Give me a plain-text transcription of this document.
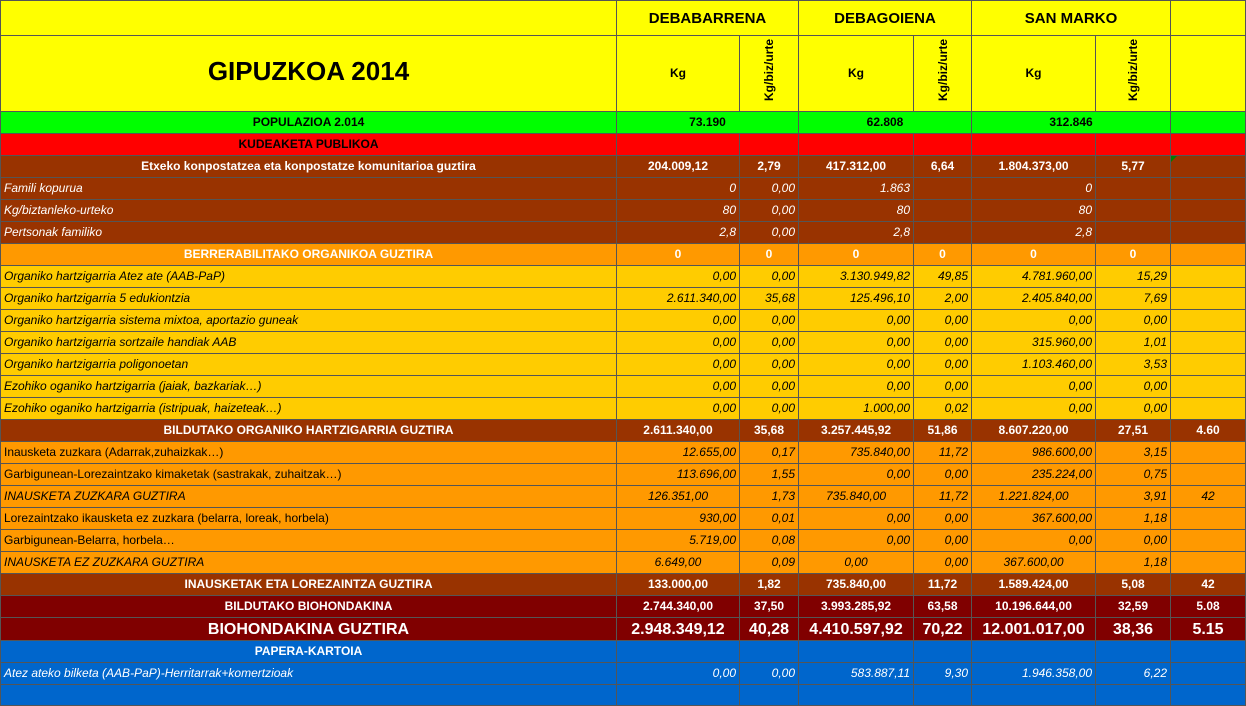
	DEBABARRENA		DEBAGOIENA		SAN MARKO		
GIPUZKOA 2014	Kg	Kg/biz/urte	Kg	Kg/biz/urte	Kg	Kg/biz/urte	
POPULAZIOA 2.014	73.190		62.808		312.846		
KUDEAKETA PUBLIKOA							
Etxeko konpostatzea eta konpostatze komunitarioa guztira	204.009,12	2,79	417.312,00	6,64	1.804.373,00	5,77	
Famili kopurua	0	0,00	1.863		0		
Kg/biztanleko-urteko	80	0,00	80		80		
Pertsonak familiko	2,8	0,00	2,8		2,8		
BERRERABILITAKO ORGANIKOA GUZTIRA	0	0	0	0	0	0	
Organiko hartzigarria Atez ate (AAB-PaP)	0,00	0,00	3.130.949,82	49,85	4.781.960,00	15,29	
Organiko hartzigarria 5 edukiontzia	2.611.340,00	35,68	125.496,10	2,00	2.405.840,00	7,69	
Organiko hartzigarria sistema mixtoa, aportazio guneak	0,00	0,00	0,00	0,00	0,00	0,00	
Organiko hartzigarria sortzaile handiak AAB	0,00	0,00	0,00	0,00	315.960,00	1,01	
Organiko hartzigarria poligonoetan	0,00	0,00	0,00	0,00	1.103.460,00	3,53	
Ezohiko oganiko hartzigarria (jaiak, bazkariak…)	0,00	0,00	0,00	0,00	0,00	0,00	
Ezohiko oganiko hartzigarria (istripuak, haizeteak…)	0,00	0,00	1.000,00	0,02	0,00	0,00	
BILDUTAKO ORGANIKO HARTZIGARRIA GUZTIRA	2.611.340,00	35,68	3.257.445,92	51,86	8.607.220,00	27,51	4.60
Inausketa zuzkara (Adarrak,zuhaizkak…)	12.655,00	0,17	735.840,00	11,72	986.600,00	3,15	
Garbigunean-Lorezaintzako kimaketak (sastrakak, zuhaitzak…)	113.696,00	1,55	0,00	0,00	235.224,00	0,75	
INAUSKETA ZUZKARA GUZTIRA	126.351,00	1,73	735.840,00	11,72	1.221.824,00	3,91	42
Lorezaintzako ikausketa ez zuzkara (belarra, loreak, horbela)	930,00	0,01	0,00	0,00	367.600,00	1,18	
Garbigunean-Belarra, horbela…	5.719,00	0,08	0,00	0,00	0,00	0,00	
INAUSKETA EZ ZUZKARA GUZTIRA	6.649,00	0,09	0,00	0,00	367.600,00	1,18	
INAUSKETAK ETA LOREZAINTZA GUZTIRA	133.000,00	1,82	735.840,00	11,72	1.589.424,00	5,08	42
BILDUTAKO BIOHONDAKINA	2.744.340,00	37,50	3.993.285,92	63,58	10.196.644,00	32,59	5.08
BIOHONDAKINA GUZTIRA	2.948.349,12	40,28	4.410.597,92	70,22	12.001.017,00	38,36	5.15
PAPERA-KARTOIA							
Atez ateko bilketa (AAB-PaP)-Herritarrak+komertzioak	0,00	0,00	583.887,11	9,30	1.946.358,00	6,22	
